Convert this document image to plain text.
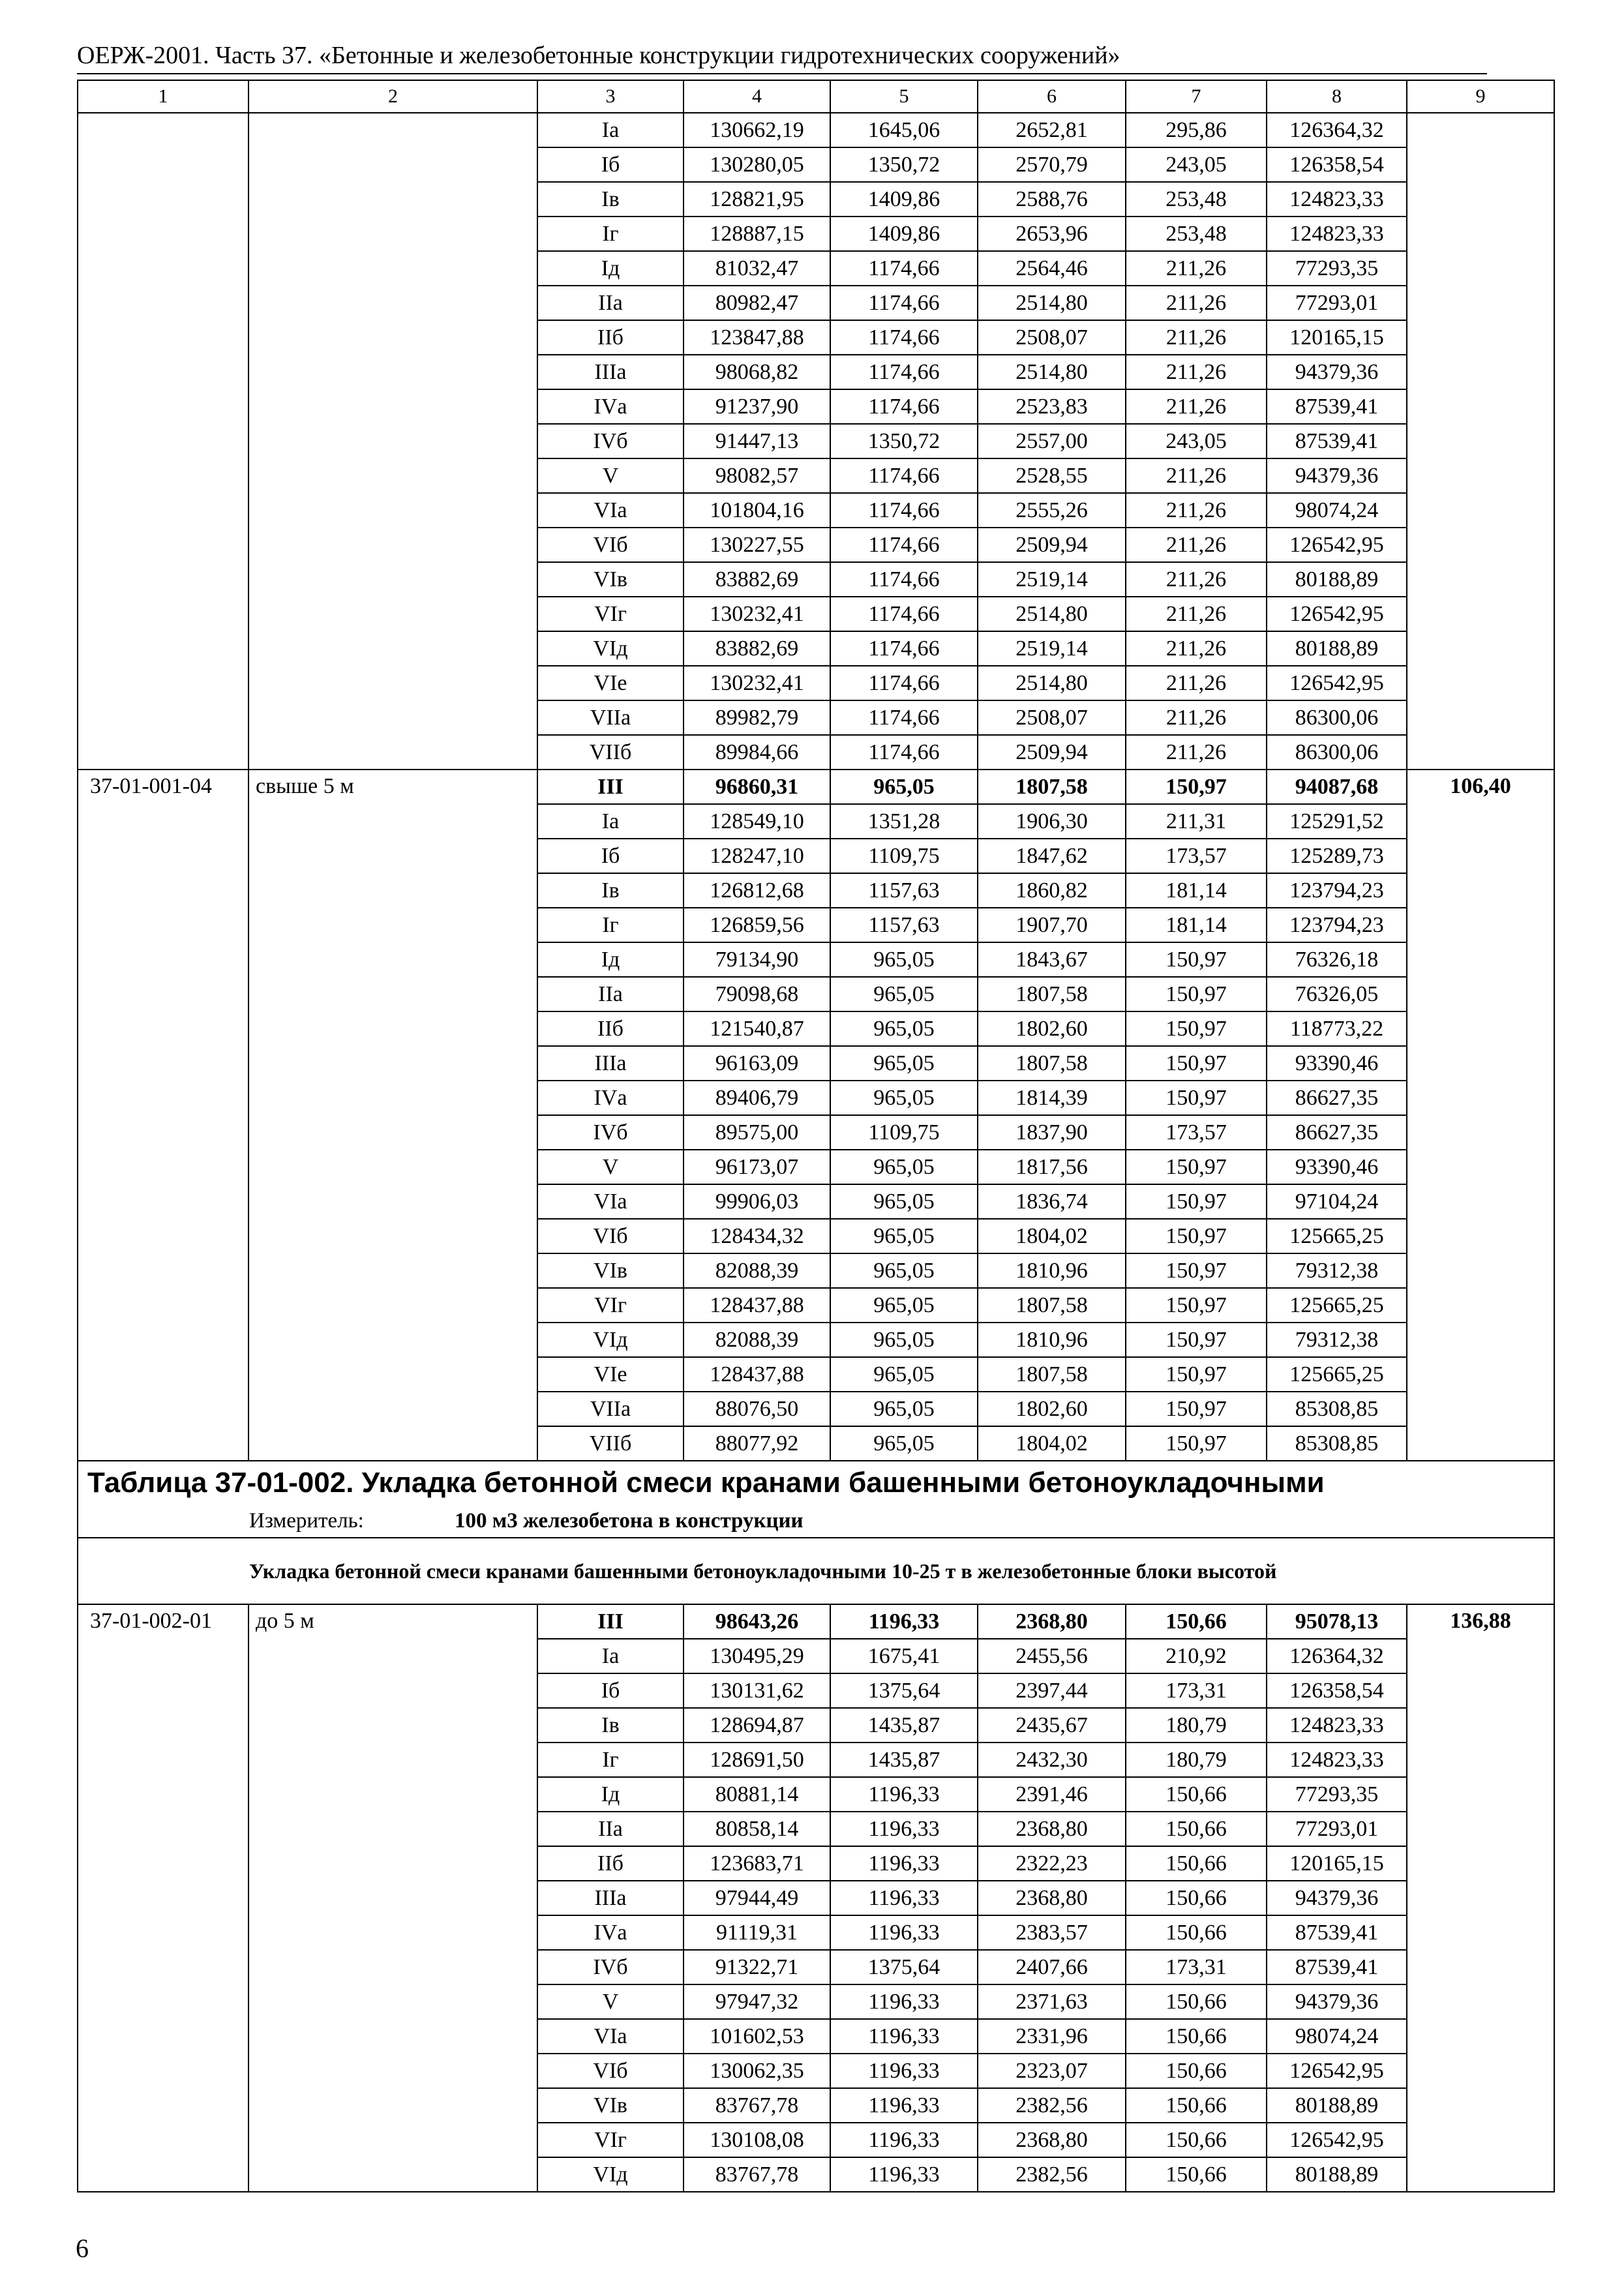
ОЕРЖ-2001. Часть 37. «Бетонные и железобетонные конструкции гидротехнических сооружений»
1	2	3	4	5	6	7	8	9
		Iа	130662,19	1645,06	2652,81	295,86	126364,32	
		Iб	130280,05	1350,72	2570,79	243,05	126358,54	
		Iв	128821,95	1409,86	2588,76	253,48	124823,33	
		Iг	128887,15	1409,86	2653,96	253,48	124823,33	
		Iд	81032,47	1174,66	2564,46	211,26	77293,35	
		IIа	80982,47	1174,66	2514,80	211,26	77293,01	
		IIб	123847,88	1174,66	2508,07	211,26	120165,15	
		IIIа	98068,82	1174,66	2514,80	211,26	94379,36	
		IVа	91237,90	1174,66	2523,83	211,26	87539,41	
		IVб	91447,13	1350,72	2557,00	243,05	87539,41	
		V	98082,57	1174,66	2528,55	211,26	94379,36	
		VIа	101804,16	1174,66	2555,26	211,26	98074,24	
		VIб	130227,55	1174,66	2509,94	211,26	126542,95	
		VIв	83882,69	1174,66	2519,14	211,26	80188,89	
		VIг	130232,41	1174,66	2514,80	211,26	126542,95	
		VIд	83882,69	1174,66	2519,14	211,26	80188,89	
		VIе	130232,41	1174,66	2514,80	211,26	126542,95	
		VIIа	89982,79	1174,66	2508,07	211,26	86300,06	
		VIIб	89984,66	1174,66	2509,94	211,26	86300,06	
37-01-001-04	свыше 5 м	III	96860,31	965,05	1807,58	150,97	94087,68	106,40
		Iа	128549,10	1351,28	1906,30	211,31	125291,52	
		Iб	128247,10	1109,75	1847,62	173,57	125289,73	
		Iв	126812,68	1157,63	1860,82	181,14	123794,23	
		Iг	126859,56	1157,63	1907,70	181,14	123794,23	
		Iд	79134,90	965,05	1843,67	150,97	76326,18	
		IIа	79098,68	965,05	1807,58	150,97	76326,05	
		IIб	121540,87	965,05	1802,60	150,97	118773,22	
		IIIа	96163,09	965,05	1807,58	150,97	93390,46	
		IVа	89406,79	965,05	1814,39	150,97	86627,35	
		IVб	89575,00	1109,75	1837,90	173,57	86627,35	
		V	96173,07	965,05	1817,56	150,97	93390,46	
		VIа	99906,03	965,05	1836,74	150,97	97104,24	
		VIб	128434,32	965,05	1804,02	150,97	125665,25	
		VIв	82088,39	965,05	1810,96	150,97	79312,38	
		VIг	128437,88	965,05	1807,58	150,97	125665,25	
		VIд	82088,39	965,05	1810,96	150,97	79312,38	
		VIе	128437,88	965,05	1807,58	150,97	125665,25	
		VIIа	88076,50	965,05	1802,60	150,97	85308,85	
		VIIб	88077,92	965,05	1804,02	150,97	85308,85	
Таблица 37-01-002. Укладка бетонной смеси кранами башенными бетоноукладочными								
Измеритель: 100 м3 железобетона в конструкции								
Укладка бетонной смеси кранами башенными бетоноукладочными 10-25 т в железобетонные блоки высотой								
37-01-002-01	до 5 м	III	98643,26	1196,33	2368,80	150,66	95078,13	136,88
		Iа	130495,29	1675,41	2455,56	210,92	126364,32	
		Iб	130131,62	1375,64	2397,44	173,31	126358,54	
		Iв	128694,87	1435,87	2435,67	180,79	124823,33	
		Iг	128691,50	1435,87	2432,30	180,79	124823,33	
		Iд	80881,14	1196,33	2391,46	150,66	77293,35	
		IIа	80858,14	1196,33	2368,80	150,66	77293,01	
		IIб	123683,71	1196,33	2322,23	150,66	120165,15	
		IIIа	97944,49	1196,33	2368,80	150,66	94379,36	
		IVа	91119,31	1196,33	2383,57	150,66	87539,41	
		IVб	91322,71	1375,64	2407,66	173,31	87539,41	
		V	97947,32	1196,33	2371,63	150,66	94379,36	
		VIа	101602,53	1196,33	2331,96	150,66	98074,24	
		VIб	130062,35	1196,33	2323,07	150,66	126542,95	
		VIв	83767,78	1196,33	2382,56	150,66	80188,89	
		VIг	130108,08	1196,33	2368,80	150,66	126542,95	
		VIд	83767,78	1196,33	2382,56	150,66	80188,89	
6
